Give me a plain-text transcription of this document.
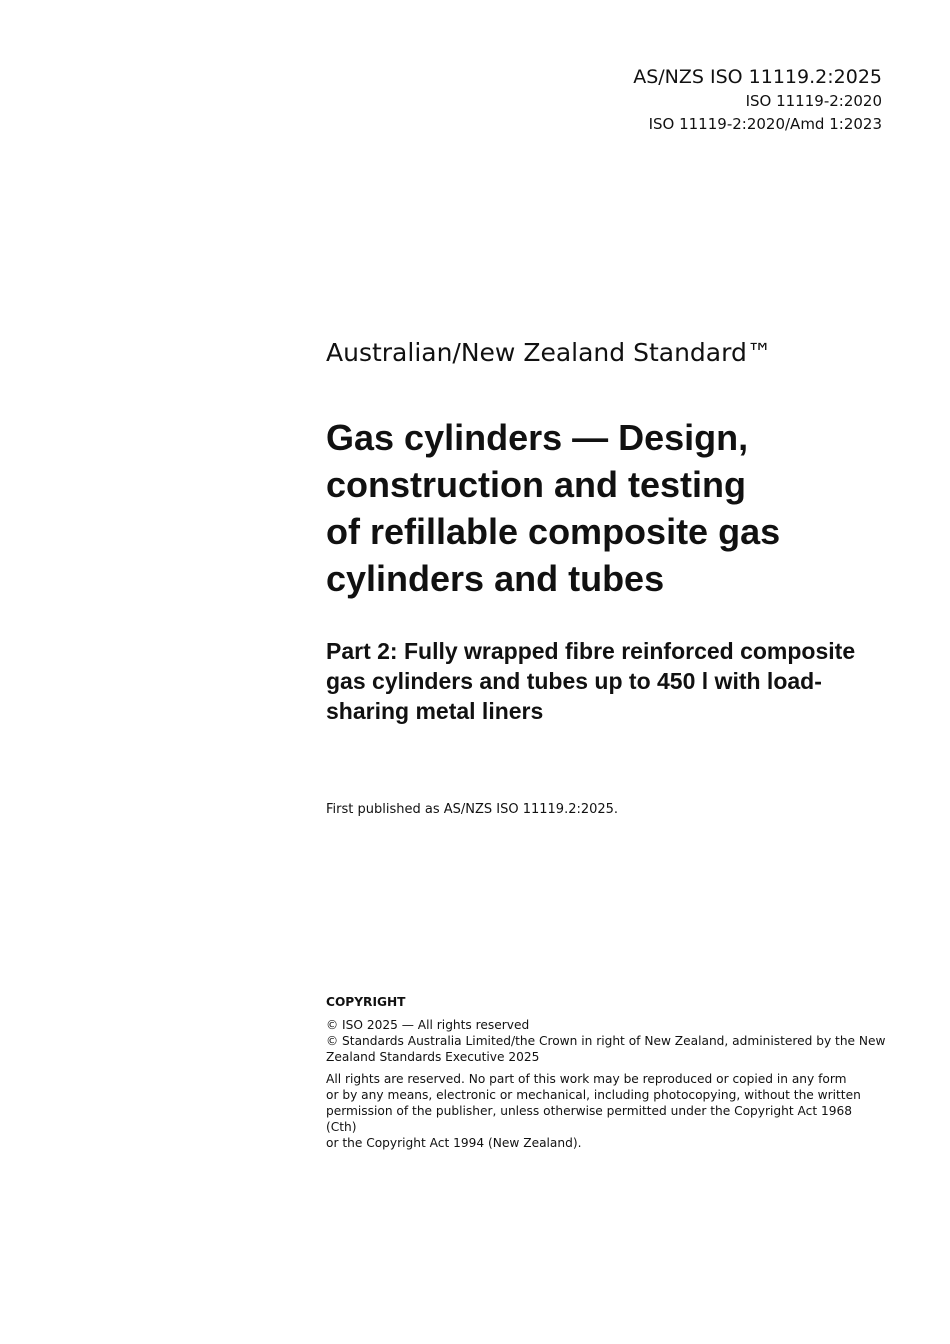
AS/NZS ISO 11119.2:2025
ISO 11119-2:2020
ISO 11119-2:2020/Amd 1:2023

Australian/New Zealand Standard™

Gas cylinders — Design,
construction and testing
of refillable composite gas
cylinders and tubes
Part 2: Fully wrapped fibre reinforced composite
gas cylinders and tubes up to 450 l with load-
sharing metal liners
First published as AS/NZS ISO 11119.2:2025.

COPYRIGHT

© ISO 2025 — All rights reserved

© Standards Australia Limited/the Crown in right of New Zealand, administered by the New
Zealand Standards Executive 2025

All rights are reserved. No part of this work may be reproduced or copied in any form
or by any means, electronic or mechanical, including photocopying, without the written
permission of the publisher, unless otherwise permitted under the Copyright Act 1968 (Cth)
or the Copyright Act 1994 (New Zealand).
